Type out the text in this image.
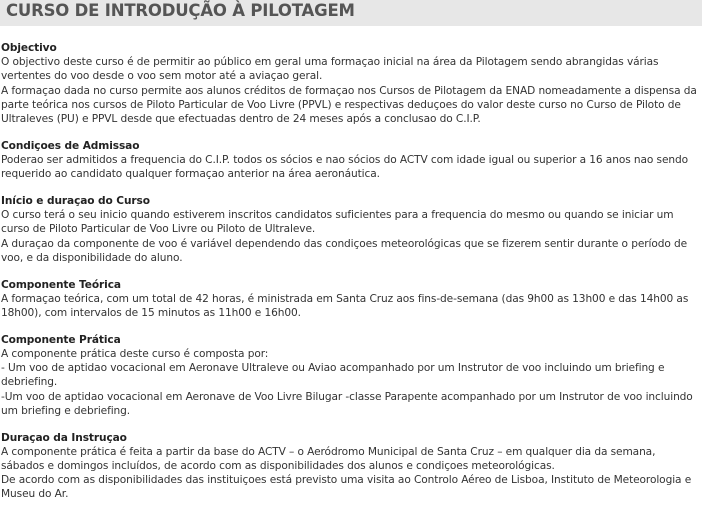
CURSO DE INTRODUÇÃO À PILOTAGEM
Objectivo

O objectivo deste curso é de permitir ao público em geral uma formaçao inicial na área da Pilotagem sendo abrangidas várias vertentes do voo desde o voo sem motor até a aviaçao geral.

A formaçao dada no curso permite aos alunos créditos de formaçao nos Cursos de Pilotagem da ENAD nomeadamente a dispensa da parte teórica nos cursos de Piloto Particular de Voo Livre (PPVL) e respectivas deduçoes do valor deste curso no Curso de Piloto de Ultraleves (PU) e PPVL desde que efectuadas dentro de 24 meses após a conclusao do C.I.P.

Condiçoes de Admissao

Poderao ser admitidos a frequencia do C.I.P. todos os sócios e nao sócios do ACTV com idade igual ou superior a 16 anos nao sendo requerido ao candidato qualquer formaçao anterior na área aeronáutica.

Início e duraçao do Curso

O curso terá o seu inicio quando estiverem inscritos candidatos suficientes para a frequencia do mesmo ou quando se iniciar um curso de Piloto Particular de Voo Livre ou Piloto de Ultraleve.

A duraçao da componente de voo é variável dependendo das condiçoes meteorológicas que se fizerem sentir durante o período de voo, e da disponibilidade do aluno.

Componente Teórica

A formaçao teórica, com um total de 42 horas, é ministrada em Santa Cruz aos fins-de-semana (das 9h00 as 13h00 e das 14h00 as 18h00), com intervalos de 15 minutos as 11h00 e 16h00.

Componente Prática

A componente prática deste curso é composta por:

- Um voo de aptidao vocacional em Aeronave Ultraleve ou Aviao acompanhado por um Instrutor de voo incluindo um briefing e debriefing.

-Um voo de aptidao vocacional em Aeronave de Voo Livre Bilugar -classe Parapente acompanhado por um Instrutor de voo incluindo um briefing e debriefing.

Duraçao da Instruçao

A componente prática é feita a partir da base do ACTV – o Aeródromo Municipal de Santa Cruz – em qualquer dia da semana, sábados e domingos incluídos, de acordo com as disponibilidades dos alunos e condiçoes meteorológicas.

De acordo com as disponibilidades das instituiçoes está previsto uma visita ao Controlo Aéreo de Lisboa, Instituto de Meteorologia e Museu do Ar.
